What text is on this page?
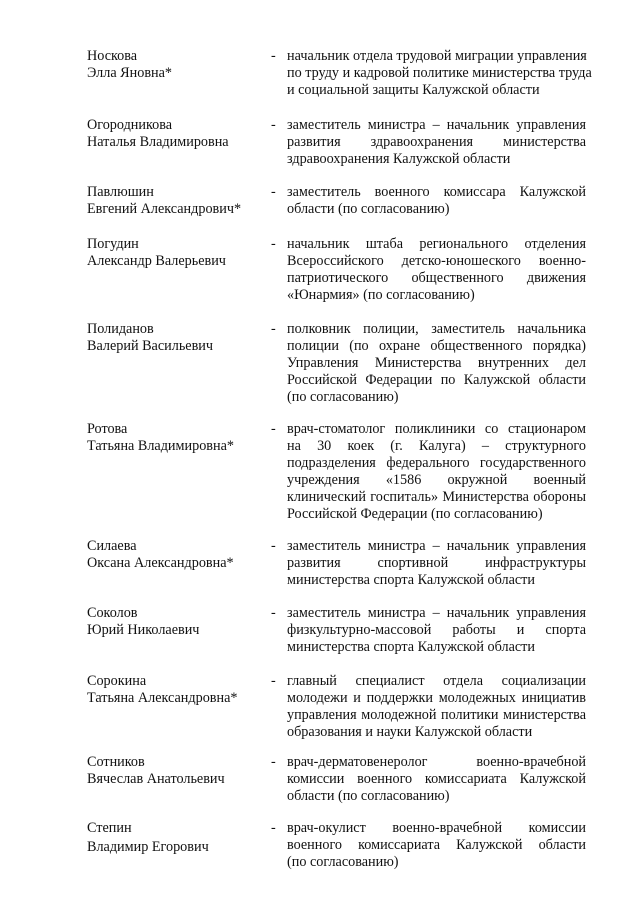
Носкова
Элла Яновна*
- начальник отдела трудовой миграции управления
по труду и кадровой политике министерства труда
и социальной защиты Калужской области
Огородникова
Наталья Владимировна
- заместитель министра – начальник управления
развития здравоохранения министерства
здравоохранения Калужской области
Павлюшин
Евгений Александрович*
- заместитель военного комиссара Калужской
области (по согласованию)
Погудин
Александр Валерьевич
- начальник штаба регионального отделения
Всероссийского детско-юношеского военно-
патриотического общественного движения
«Юнармия» (по согласованию)
Полиданов
Валерий Васильевич
- полковник полиции, заместитель начальника
полиции (по охране общественного порядка)
Управления Министерства внутренних дел
Российской Федерации по Калужской области
(по согласованию)
Ротова
Татьяна Владимировна*
- врач-стоматолог поликлиники со стационаром
на 30 коек (г. Калуга) – структурного
подразделения федерального государственного
учреждения «1586 окружной военный
клинический госпиталь» Министерства обороны
Российской Федерации (по согласованию)
Силаева
Оксана Александровна*
- заместитель министра – начальник управления
развития спортивной инфраструктуры
министерства спорта Калужской области
Соколов
Юрий Николаевич
- заместитель министра – начальник управления
физкультурно-массовой работы и спорта
министерства спорта Калужской области
Сорокина
Татьяна Александровна*
- главный специалист отдела социализации
молодежи и поддержки молодежных инициатив
управления молодежной политики министерства
образования и науки Калужской области
Сотников
Вячеслав Анатольевич
- врач-дерматовенеролог военно-врачебной
комиссии военного комиссариата Калужской
области (по согласованию)
Степин
Владимир Егорович
- врач-окулист военно-врачебной комиссии
военного комиссариата Калужской области
(по согласованию)
